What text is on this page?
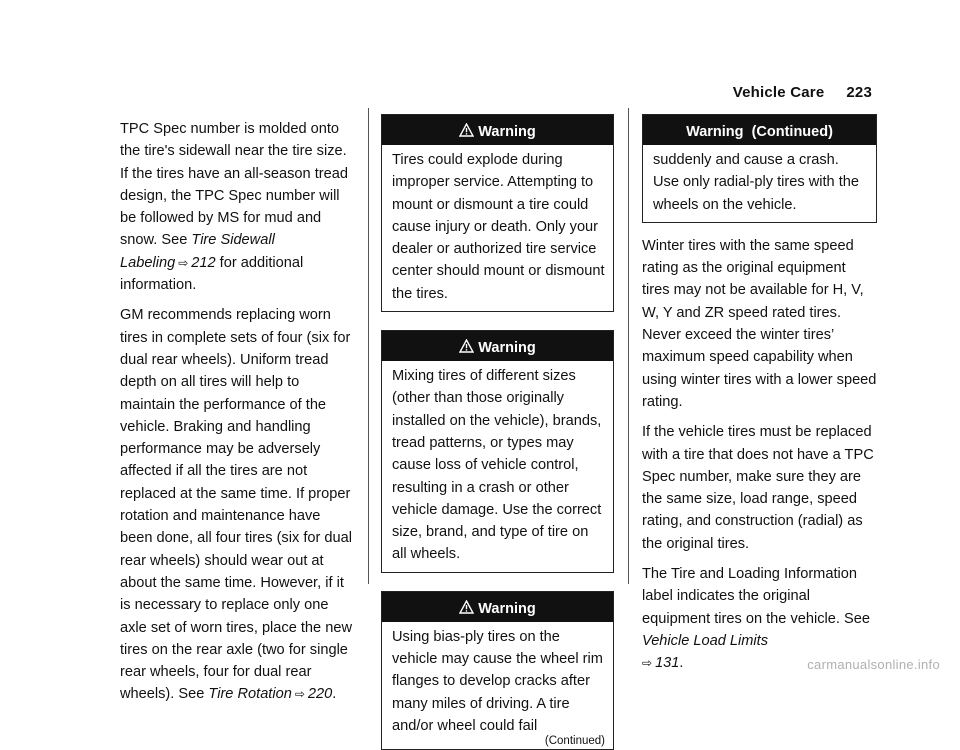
Vehicle Care 223

TPC Spec number is molded onto the tire's sidewall near the tire size. If the tires have an all-season tread design, the TPC Spec number will be followed by MS for mud and snow. See Tire Sidewall Labeling ⇨ 212 for additional information.

GM recommends replacing worn tires in complete sets of four (six for dual rear wheels). Uniform tread depth on all tires will help to maintain the performance of the vehicle. Braking and handling performance may be adversely affected if all the tires are not replaced at the same time. If proper rotation and maintenance have been done, all four tires (six for dual rear wheels) should wear out at about the same time. However, if it is necessary to replace only one axle set of worn tires, place the new tires on the rear axle (two for single rear wheels, four for dual rear wheels). See Tire Rotation ⇨ 220.

Warning
Tires could explode during improper service. Attempting to mount or dismount a tire could cause injury or death. Only your dealer or authorized tire service center should mount or dismount the tires.
Warning
Mixing tires of different sizes (other than those originally installed on the vehicle), brands, tread patterns, or types may cause loss of vehicle control, resulting in a crash or other vehicle damage. Use the correct size, brand, and type of tire on all wheels.
Warning
Using bias-ply tires on the vehicle may cause the wheel rim flanges to develop cracks after many miles of driving. A tire and/or wheel could fail
(Continued)
Warning  (Continued)
suddenly and cause a crash. Use only radial-ply tires with the wheels on the vehicle.

Winter tires with the same speed rating as the original equipment tires may not be available for H, V, W, Y and ZR speed rated tires. Never exceed the winter tires’ maximum speed capability when using winter tires with a lower speed rating.

If the vehicle tires must be replaced with a tire that does not have a TPC Spec number, make sure they are the same size, load range, speed rating, and construction (radial) as the original tires.

The Tire and Loading Information label indicates the original equipment tires on the vehicle. See Vehicle Load Limits
⇨ 131.	carmanualsonline.info
